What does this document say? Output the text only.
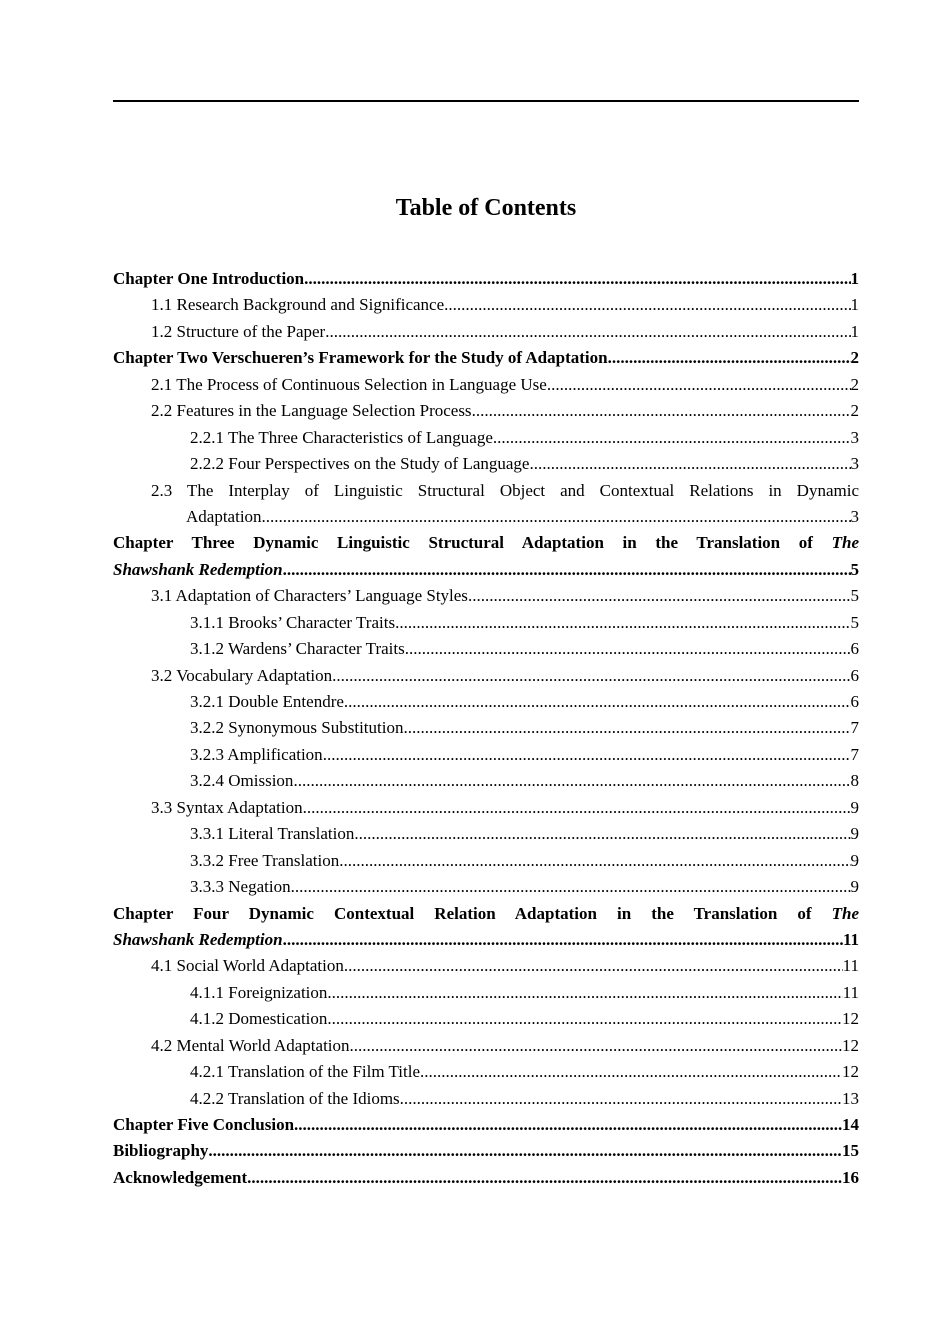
Table of Contents
Chapter One Introduction .....	1
1.1 Research Background and Significance .....	1
1.2 Structure of the Paper .....	1
Chapter Two Verschueren’s Framework for the Study of Adaptation .....	2
2.1 The Process of Continuous Selection in Language Use .....	2
2.2 Features in the Language Selection Process .....	2
2.2.1 The Three Characteristics of Language .....	3
2.2.2 Four Perspectives on the Study of Language .....	3
2.3 The Interplay of Linguistic Structural Object and Contextual Relations in Dynamic
Adaptation .....	3
Chapter Three Dynamic Linguistic Structural Adaptation in the Translation of The
Shawshank Redemption .....	5
3.1 Adaptation of Characters’ Language Styles .....	5
3.1.1 Brooks’ Character Traits .....	5
3.1.2 Wardens’ Character Traits .....	6
3.2 Vocabulary Adaptation .....	6
3.2.1 Double Entendre .....	6
3.2.2 Synonymous Substitution .....	7
3.2.3 Amplification .....	7
3.2.4 Omission .....	8
3.3 Syntax Adaptation .....	9
3.3.1 Literal Translation .....	9
3.3.2 Free Translation .....	9
3.3.3 Negation .....	9
Chapter Four Dynamic Contextual Relation Adaptation in the Translation of The
Shawshank Redemption .....	11
4.1 Social World Adaptation .....	11
4.1.1 Foreignization .....	11
4.1.2 Domestication .....	12
4.2 Mental World Adaptation .....	12
4.2.1 Translation of the Film Title .....	12
4.2.2 Translation of the Idioms .....	13
Chapter Five Conclusion .....	14
Bibliography .....	15
Acknowledgement .....	16
